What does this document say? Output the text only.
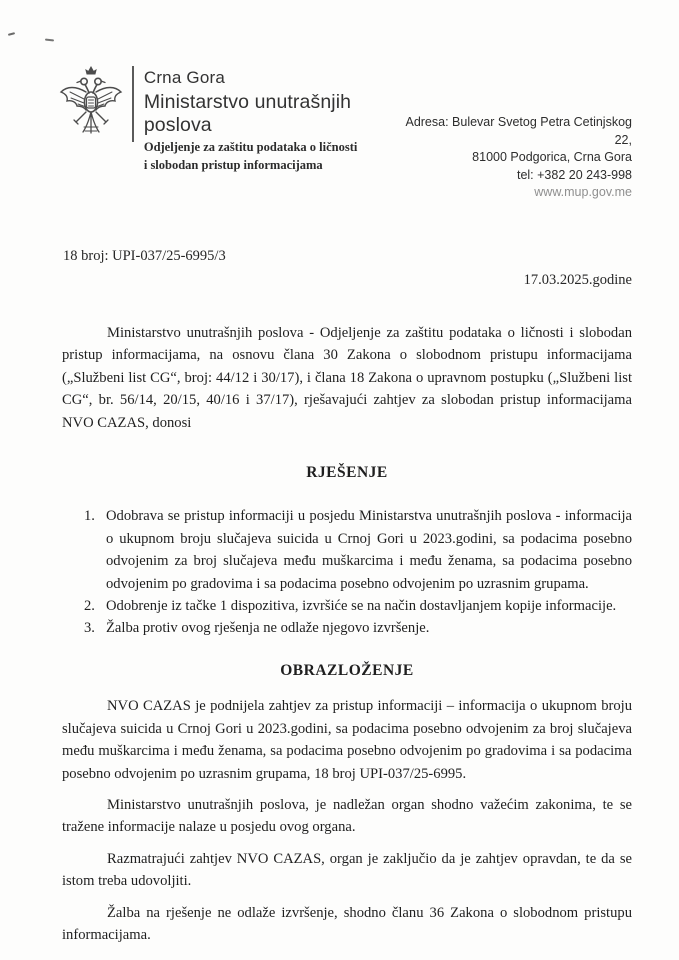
Crna Gora
Ministarstvo unutrašnjih poslova
Odjeljenje za zaštitu podataka o ličnosti
i slobodan pristup informacijama
Adresa: Bulevar Svetog Petra Cetinjskog 22,
81000 Podgorica, Crna Gora
tel: +382 20 243-998
www.mup.gov.me
18 broj: UPI-037/25-6995/3
17.03.2025.godine

Ministarstvo unutrašnjih poslova - Odjeljenje za zaštitu podataka o ličnosti i slobodan pristup informacijama, na osnovu člana 30 Zakona o slobodnom pristupu informacijama („Službeni list CG“, broj: 44/12 i 30/17), i člana 18 Zakona o upravnom postupku („Službeni list CG“, br. 56/14, 20/15, 40/16 i 37/17), rješavajući zahtjev za slobodan pristup informacijama NVO CAZAS, donosi

RJEŠENJE

1. Odobrava se pristup informaciji u posjedu Ministarstva unutrašnjih poslova - informacija o ukupnom broju slučajeva suicida u Crnoj Gori u 2023.godini, sa podacima posebno odvojenim za broj slučajeva među muškarcima i među ženama, sa podacima posebno odvojenim po gradovima i sa podacima posebno odvojenim po uzrasnim grupama.
2. Odobrenje iz tačke 1 dispozitiva, izvršiće se na način dostavljanjem kopije informacije.
3. Žalba protiv ovog rješenja ne odlaže njegovo izvršenje.

OBRAZLOŽENJE

NVO CAZAS je podnijela zahtjev za pristup informaciji – informacija o ukupnom broju slučajeva suicida u Crnoj Gori u 2023.godini, sa podacima posebno odvojenim za broj slučajeva među muškarcima i među ženama, sa podacima posebno odvojenim po gradovima i sa podacima posebno odvojenim po uzrasnim grupama, 18 broj UPI-037/25-6995.

Ministarstvo unutrašnjih poslova, je nadležan organ shodno važećim zakonima, te se tražene informacije nalaze u posjedu ovog organa.

Razmatrajući zahtjev NVO CAZAS, organ je zaključio da je zahtjev opravdan, te da se istom treba udovoljiti.

Žalba na rješenje ne odlaže izvršenje, shodno članu 36 Zakona o slobodnom pristupu informacijama.
